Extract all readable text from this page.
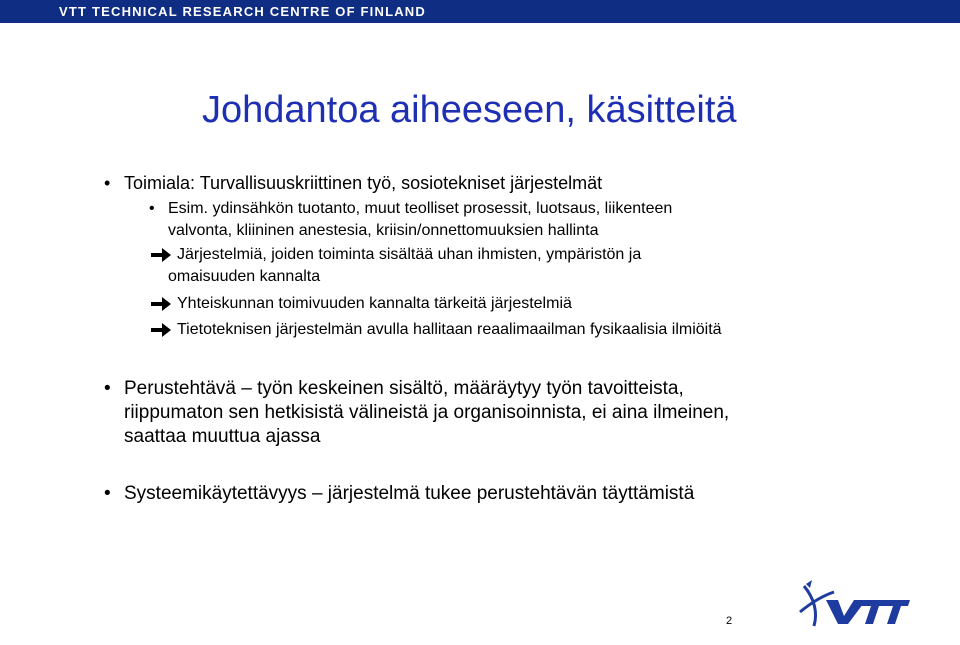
VTT TECHNICAL RESEARCH CENTRE OF FINLAND
Johdantoa aiheeseen, käsitteitä
• Toimiala: Turvallisuuskriittinen työ, sosiotekniset järjestelmät
• Esim. ydinsähkön tuotanto, muut teolliset prosessit, luotsaus, liikenteen
valvonta, kliininen anestesia, kriisin/onnettomuuksien hallinta
Järjestelmiä, joiden toiminta sisältää uhan ihmisten, ympäristön ja
omaisuuden kannalta
Yhteiskunnan toimivuuden kannalta tärkeitä järjestelmiä
Tietoteknisen järjestelmän avulla hallitaan reaalimaailman fysikaalisia ilmiöitä
• Perustehtävä – työn keskeinen sisältö, määräytyy työn tavoitteista,
riippumaton sen hetkisistä välineistä ja organisoinnista, ei aina ilmeinen,
saattaa muuttua ajassa
• Systeemikäytettävyys – järjestelmä tukee perustehtävän täyttämistä
2
